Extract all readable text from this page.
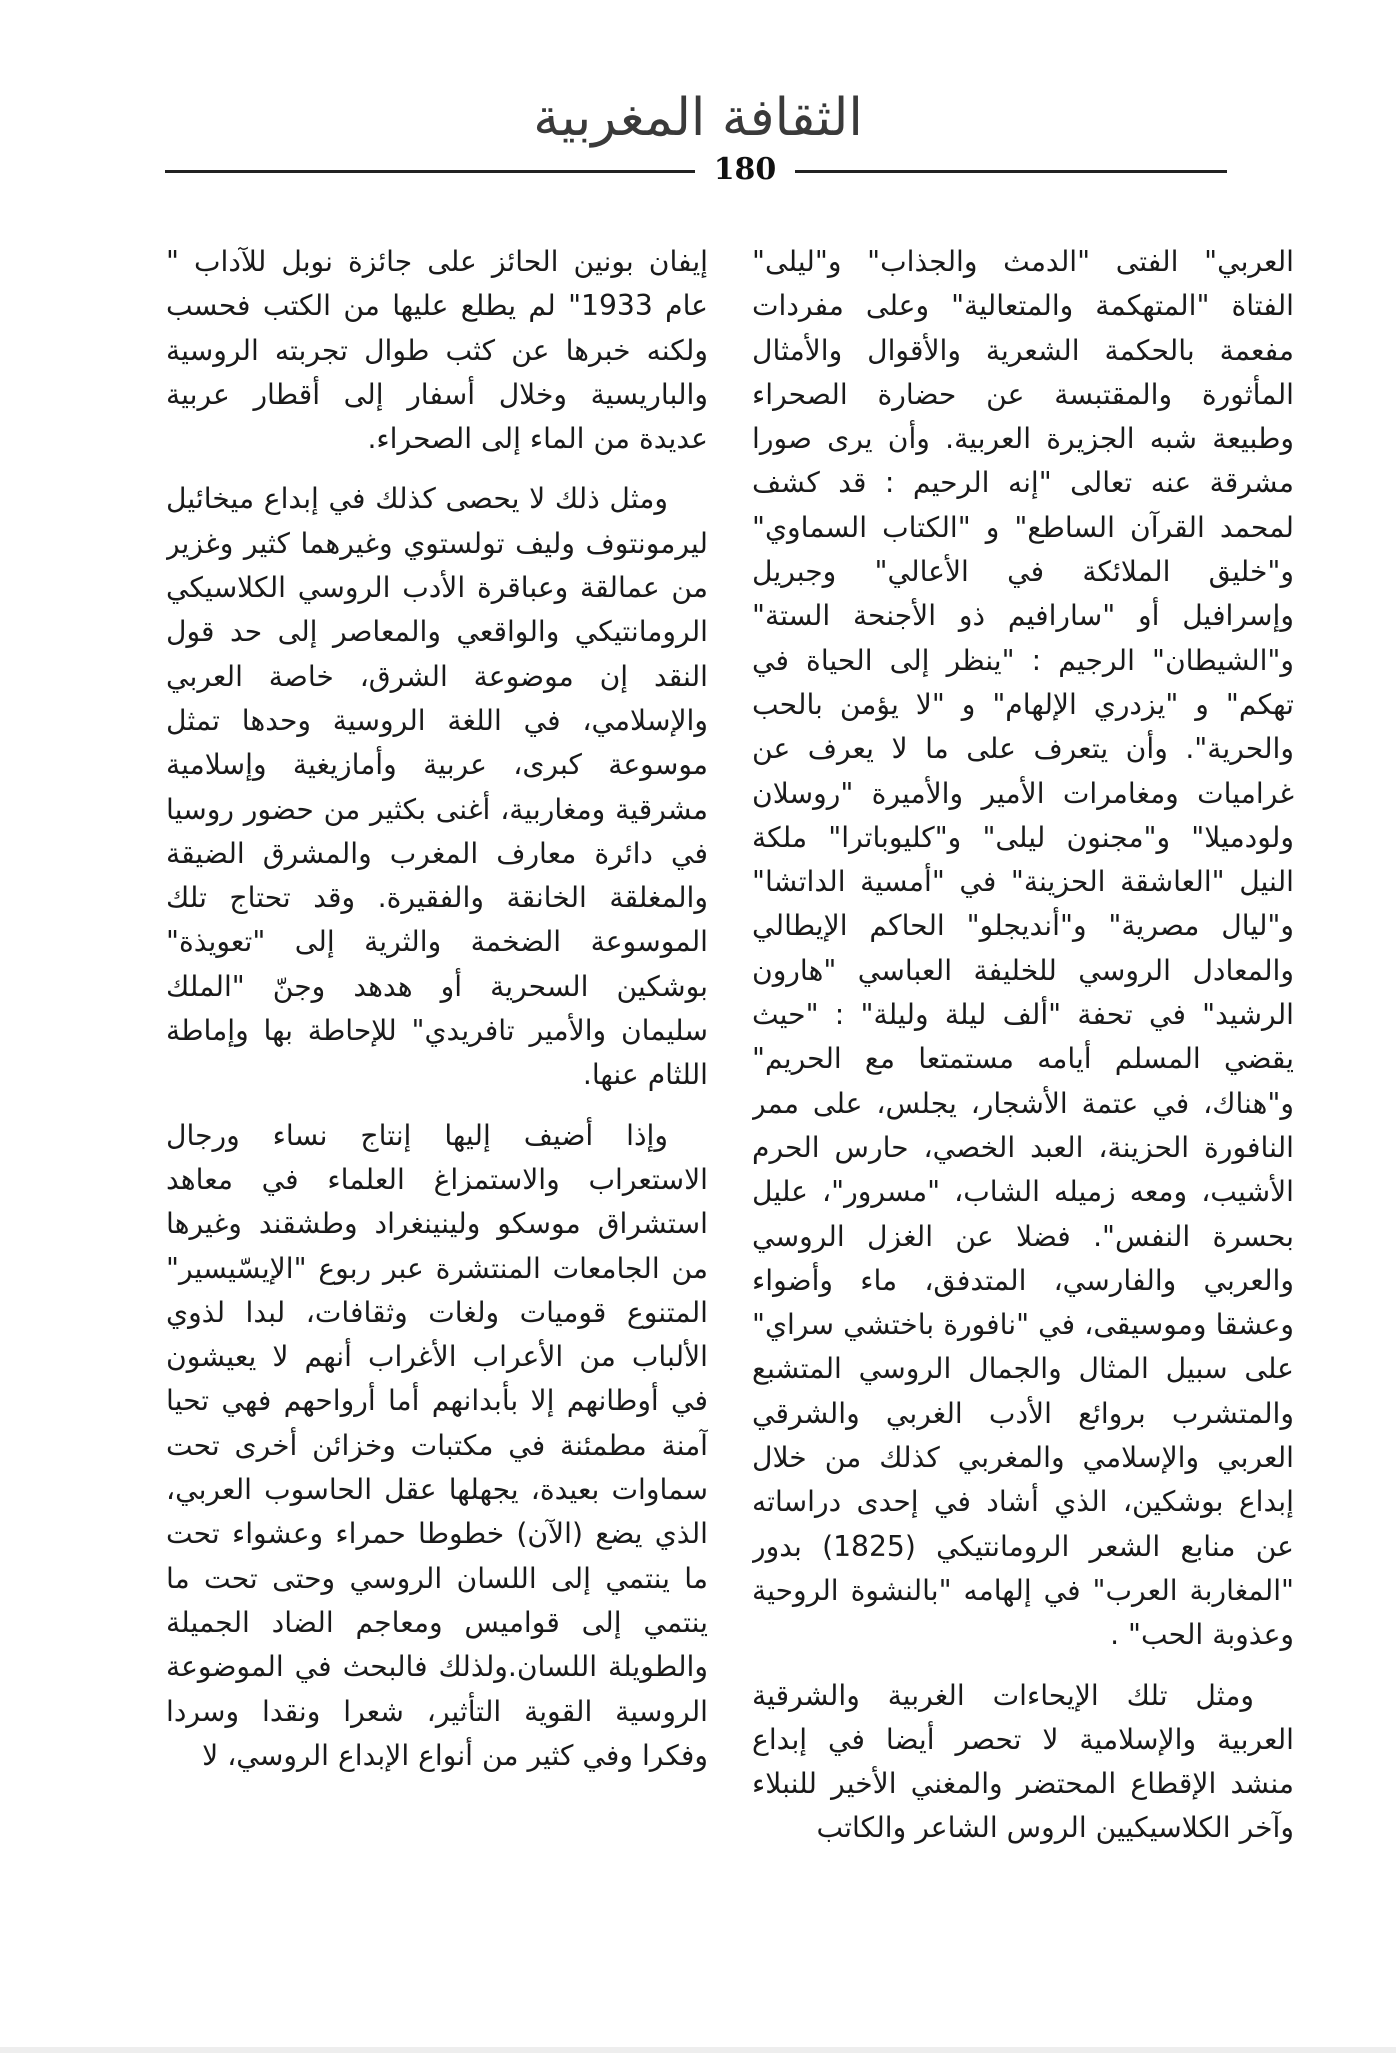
الثقافة المغربية
180

العربي" الفتى "الدمث والجذاب" و"ليلى" الفتاة "المتهكمة والمتعالية" وعلى مفردات مفعمة بالحكمة الشعرية والأقوال والأمثال المأثورة والمقتبسة عن حضارة الصحراء وطبيعة شبه الجزيرة العربية. وأن يرى صورا مشرقة عنه تعالى "إنه الرحيم : قد كشف لمحمد القرآن الساطع" و "الكتاب السماوي" و"خليق الملائكة في الأعالي" وجبريل وإسرافيل أو "سارافيم ذو الأجنحة الستة" و"الشيطان" الرجيم : "ينظر إلى الحياة في تهكم" و "يزدري الإلهام" و "لا يؤمن بالحب والحرية". وأن يتعرف على ما لا يعرف عن غراميات ومغامرات الأمير والأميرة "روسلان ولودميلا" و"مجنون ليلى" و"كليوباترا" ملكة النيل "العاشقة الحزينة" في "أمسية الداتشا" و"ليال مصرية" و"أنديجلو" الحاكم الإيطالي والمعادل الروسي للخليفة العباسي "هارون الرشيد" في تحفة "ألف ليلة وليلة" : "حيث يقضي المسلم أيامه مستمتعا مع الحريم" و"هناك، في عتمة الأشجار، يجلس، على ممر النافورة الحزينة، العبد الخصي، حارس الحرم الأشيب، ومعه زميله الشاب، "مسرور"، عليل بحسرة النفس". فضلا عن الغزل الروسي والعربي والفارسي، المتدفق، ماء وأضواء وعشقا وموسيقى، في "نافورة باختشي سراي" على سبيل المثال والجمال الروسي المتشبع والمتشرب بروائع الأدب الغربي والشرقي العربي والإسلامي والمغربي كذلك من خلال إبداع بوشكين، الذي أشاد في إحدى دراساته عن منابع الشعر الرومانتيكي (1825) بدور "المغاربة العرب" في إلهامه "بالنشوة الروحية وعذوبة الحب" .

ومثل تلك الإيحاءات الغربية والشرقية العربية والإسلامية لا تحصر أيضا في إبداع منشد الإقطاع المحتضر والمغني الأخير للنبلاء وآخر الكلاسيكيين الروس الشاعر والكاتب

إيفان بونين الحائز على جائزة نوبل للآداب " عام 1933" لم يطلع عليها من الكتب فحسب ولكنه خبرها عن كثب طوال تجربته الروسية والباريسية وخلال أسفار إلى أقطار عربية عديدة من الماء إلى الصحراء.

ومثل ذلك لا يحصى كذلك في إبداع ميخائيل ليرمونتوف وليف تولستوي وغيرهما كثير وغزير من عمالقة وعباقرة الأدب الروسي الكلاسيكي الرومانتيكي والواقعي والمعاصر إلى حد قول النقد إن موضوعة الشرق، خاصة العربي والإسلامي، في اللغة الروسية وحدها تمثل موسوعة كبرى، عربية وأمازيغية وإسلامية مشرقية ومغاربية، أغنى بكثير من حضور روسيا في دائرة معارف المغرب والمشرق الضيقة والمغلقة الخانقة والفقيرة. وقد تحتاج تلك الموسوعة الضخمة والثرية إلى "تعويذة" بوشكين السحرية أو هدهد وجنّ "الملك سليمان والأمير تافريدي" للإحاطة بها وإماطة اللثام عنها.

وإذا أضيف إليها إنتاج نساء ورجال الاستعراب والاستمزاغ العلماء في معاهد استشراق موسكو ولينينغراد وطشقند وغيرها من الجامعات المنتشرة عبر ربوع "الإيسّيسير" المتنوع قوميات ولغات وثقافات، لبدا لذوي الألباب من الأعراب الأغراب أنهم لا يعيشون في أوطانهم إلا بأبدانهم أما أرواحهم فهي تحيا آمنة مطمئنة في مكتبات وخزائن أخرى تحت سماوات بعيدة، يجهلها عقل الحاسوب العربي، الذي يضع (الآن) خطوطا حمراء وعشواء تحت ما ينتمي إلى اللسان الروسي وحتى تحت ما ينتمي إلى قواميس ومعاجم الضاد الجميلة والطويلة اللسان.ولذلك فالبحث في الموضوعة الروسية القوية التأثير، شعرا ونقدا وسردا وفكرا وفي كثير من أنواع الإبداع الروسي، لا
